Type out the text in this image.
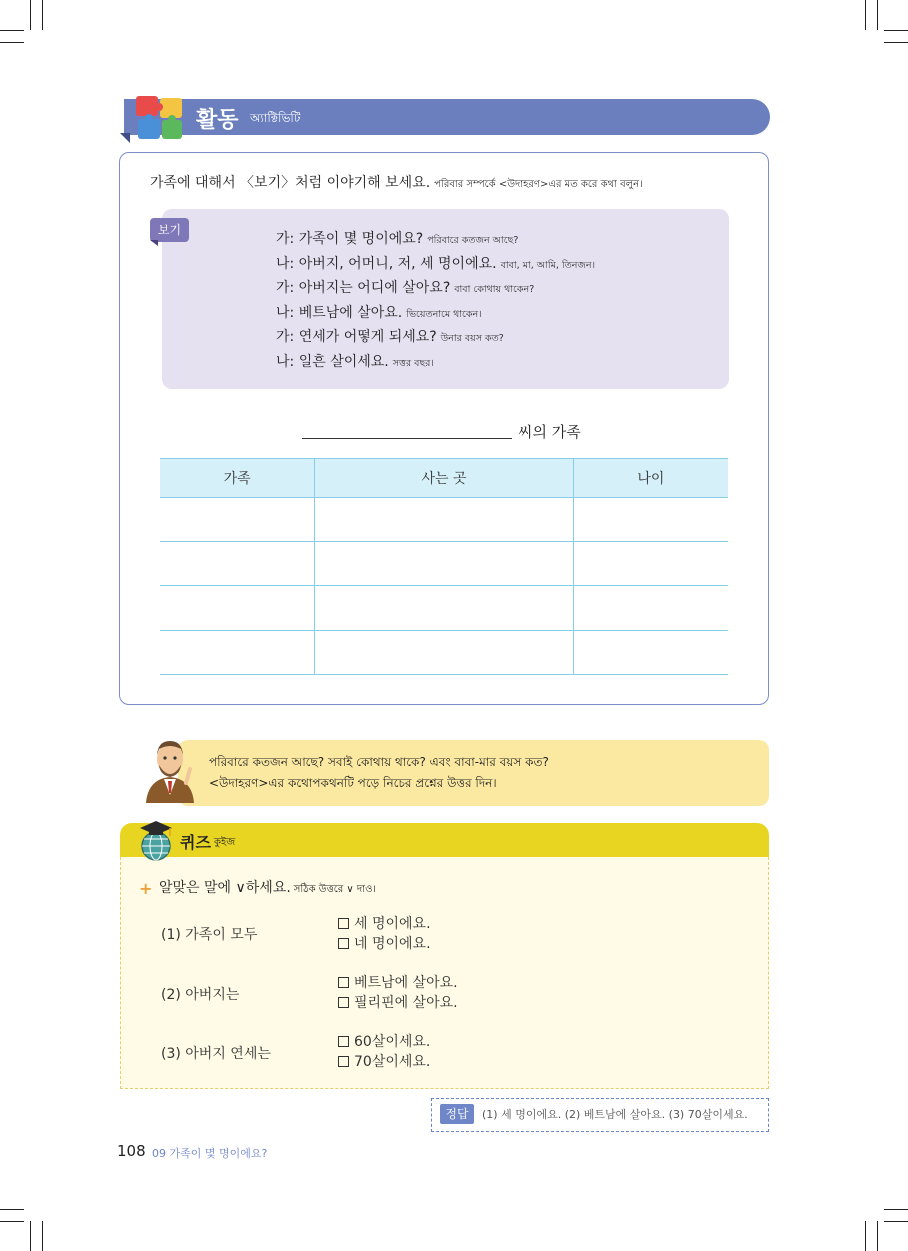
활동 অ্যাক্টিভিটি
가족에 대해서 〈보기〉처럼 이야기해 보세요. পরিবার সম্পর্কে <উদাহরণ>এর মত করে কথা বলুন।
보기
가: 가족이 몇 명이에요? পরিবারে কতজন আছে?
나: 아버지, 어머니, 저, 세 명이에요. বাবা, মা, আমি, তিনজন।
가: 아버지는 어디에 살아요? বাবা কোথায় থাকেন?
나: 베트남에 살아요. ভিয়েতনামে থাকেন।
가: 연세가 어떻게 되세요? উনার বয়স কত?
나: 일흔 살이세요. সত্তর বছর।
씨의 가족
가족	사는 곳	나이

পরিবারে কতজন আছে? সবাই কোথায় থাকে? এবং বাবা-মার বয়স কত?
<উদাহরণ>এর কথোপকথনটি পড়ে নিচের প্রশ্নের উত্তর দিন।
퀴즈 কুইজ
+ 알맞은 말에 ∨하세요. সঠিক উত্তরে ∨ দাও।
(1) 가족이 모두
세 명이에요.
네 명이에요.
(2) 아버지는
베트남에 살아요.
필리핀에 살아요.
(3) 아버지 연세는
60살이세요.
70살이세요.
정답	(1) 세 명이에요. (2) 베트남에 살아요. (3) 70살이세요.
108 09 가족이 몇 명이에요?
